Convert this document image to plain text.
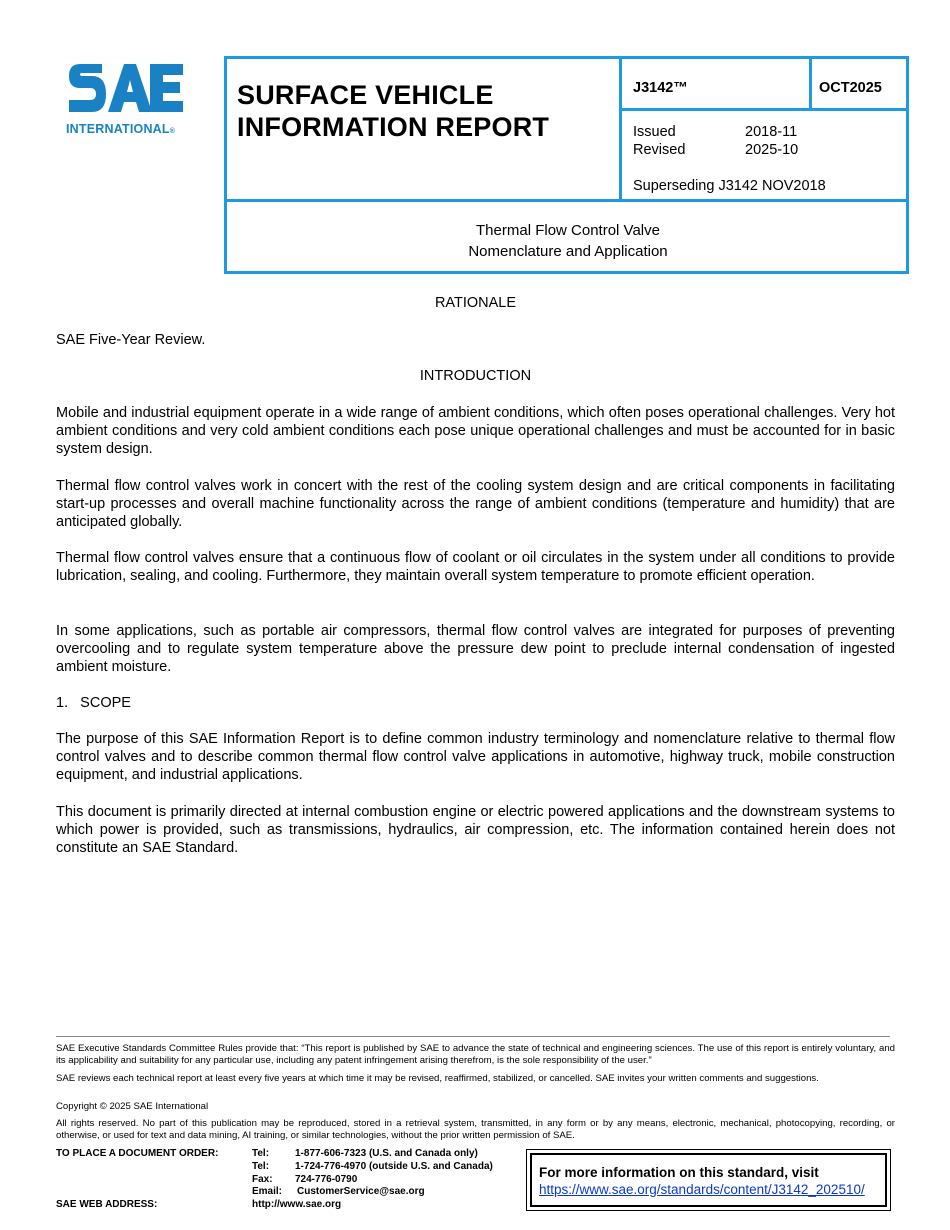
INTERNATIONAL®
SURFACE VEHICLE
INFORMATION REPORT
J3142™	OCT2025
Issued	2018-11
Revised	2025-10
Superseding J3142 NOV2018
Thermal Flow Control Valve
Nomenclature and Application
RATIONALE
SAE Five-Year Review.
INTRODUCTION
Mobile and industrial equipment operate in a wide range of ambient conditions, which often poses operational challenges. Very hot ambient conditions and very cold ambient conditions each pose unique operational challenges and must be accounted for in basic system design.
Thermal flow control valves work in concert with the rest of the cooling system design and are critical components in facilitating start-up processes and overall machine functionality across the range of ambient conditions (temperature and humidity) that are anticipated globally.
Thermal flow control valves ensure that a continuous flow of coolant or oil circulates in the system under all conditions to provide lubrication, sealing, and cooling. Furthermore, they maintain overall system temperature to promote efficient operation.
In some applications, such as portable air compressors, thermal flow control valves are integrated for purposes of preventing overcooling and to regulate system temperature above the pressure dew point to preclude internal condensation of ingested ambient moisture.
1.   SCOPE
The purpose of this SAE Information Report is to define common industry terminology and nomenclature relative to thermal flow control valves and to describe common thermal flow control valve applications in automotive, highway truck, mobile construction equipment, and industrial applications.
This document is primarily directed at internal combustion engine or electric powered applications and the downstream systems to which power is provided, such as transmissions, hydraulics, air compression, etc. The information contained herein does not constitute an SAE Standard.
SAE Executive Standards Committee Rules provide that: “This report is published by SAE to advance the state of technical and engineering sciences. The use of this report is entirely voluntary, and its applicability and suitability for any particular use, including any patent infringement arising therefrom, is the sole responsibility of the user.”
SAE reviews each technical report at least every five years at which time it may be revised, reaffirmed, stabilized, or cancelled. SAE invites your written comments and suggestions.
Copyright © 2025 SAE International
All rights reserved. No part of this publication may be reproduced, stored in a retrieval system, transmitted, in any form or by any means, electronic, mechanical, photocopying, recording, or otherwise, or used for text and data mining, AI training, or similar technologies, without the prior written permission of SAE.
TO PLACE A DOCUMENT ORDER:	Tel:	1-877-606-7323 (U.S. and Canada only)
Tel:	1-724-776-4970 (outside U.S. and Canada)
Fax: 724-776-0790
Email: CustomerService@sae.org
SAE WEB ADDRESS:	http://www.sae.org
For more information on this standard, visit
https://www.sae.org/standards/content/J3142_202510/
